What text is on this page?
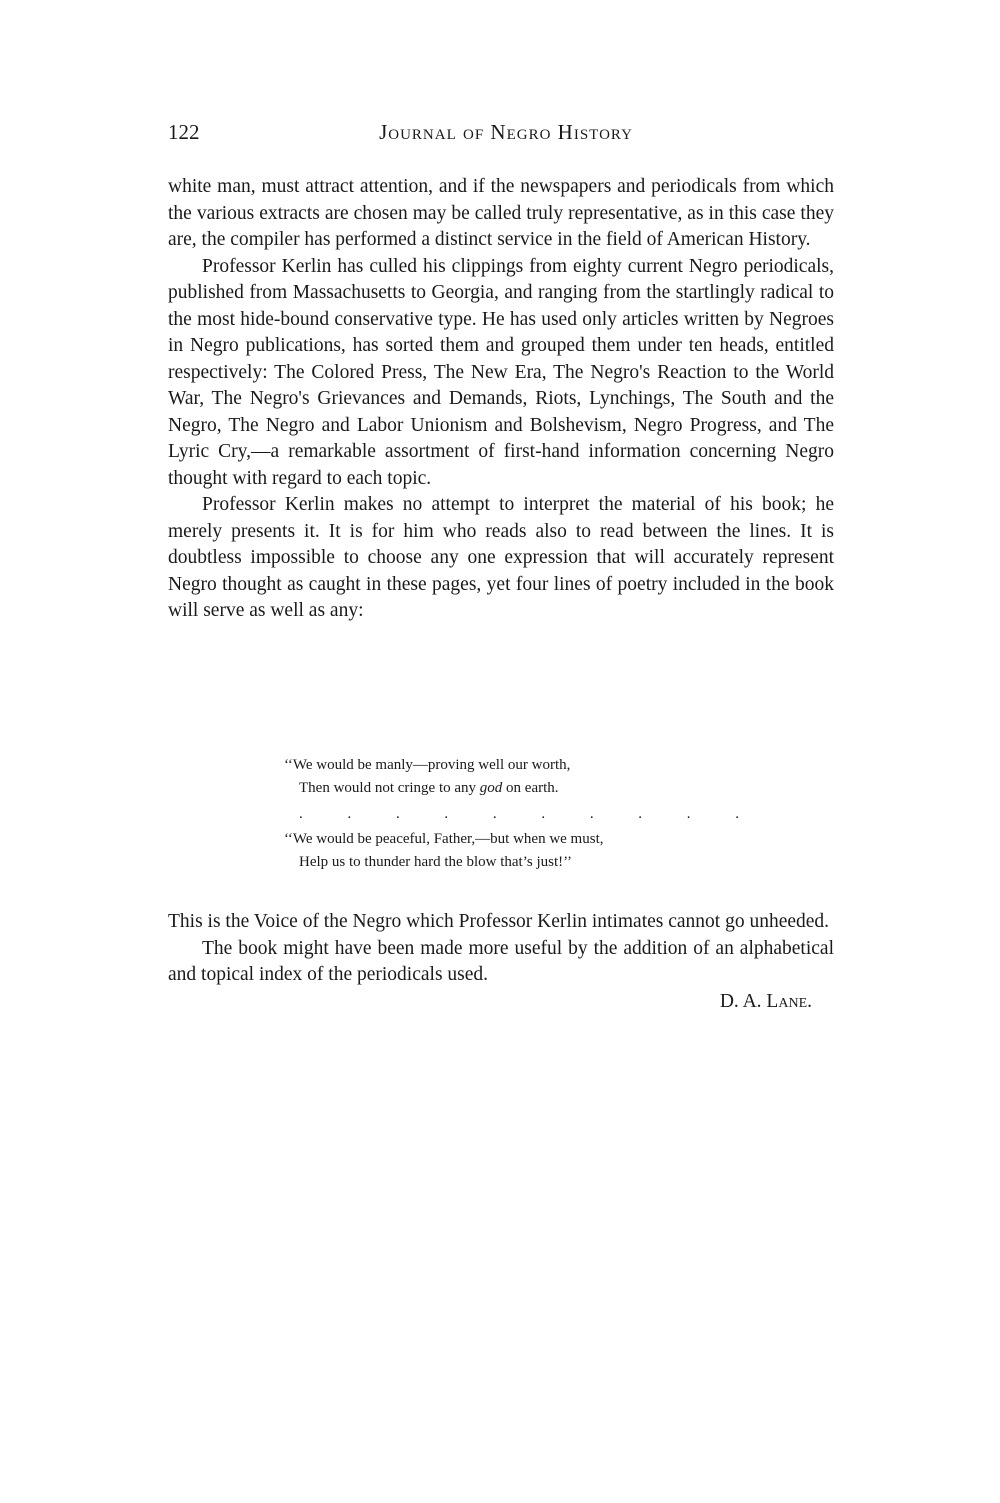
122	Journal of Negro History

white man, must attract attention, and if the newspapers and periodicals from which the various extracts are chosen may be called truly representative, as in this case they are, the compiler has performed a distinct service in the field of American History.

Professor Kerlin has culled his clippings from eighty current Negro periodicals, published from Massachusetts to Georgia, and ranging from the startlingly radical to the most hide-bound conservative type. He has used only articles written by Negroes in Negro publications, has sorted them and grouped them under ten heads, entitled respectively: The Colored Press, The New Era, The Negro's Reaction to the World War, The Negro's Grievances and Demands, Riots, Lynchings, The South and the Negro, The Negro and Labor Unionism and Bolshevism, Negro Progress, and The Lyric Cry,—a remarkable assortment of first-hand information concerning Negro thought with regard to each topic.

Professor Kerlin makes no attempt to interpret the material of his book; he merely presents it. It is for him who reads also to read between the lines. It is doubtless impossible to choose any one expression that will accurately represent Negro thought as caught in these pages, yet four lines of poetry included in the book will serve as well as any:

‘‘We would be manly—proving well our worth,
Then would not cringe to any god on earth.

.	.	.	.	.	.	.	.	.	.

‘‘We would be peaceful, Father,—but when we must,
Help us to thunder hard the blow that’s just!’’

This is the Voice of the Negro which Professor Kerlin intimates cannot go unheeded.

The book might have been made more useful by the addition of an alphabetical and topical index of the periodicals used.

D. A. Lane.
